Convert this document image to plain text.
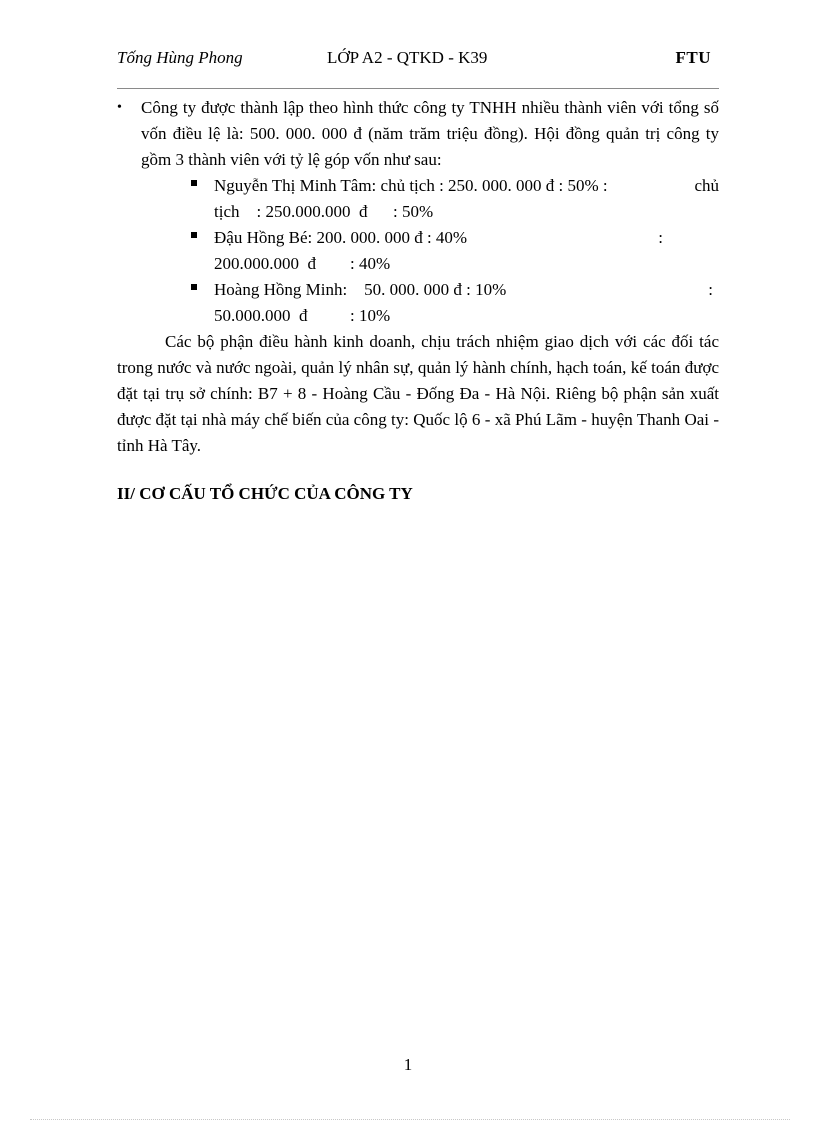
Tống Hùng Phong	LỚP A2 - QTKD - K39	FTU
• Công ty được thành lập theo hình thức công ty TNHH nhiều thành viên với tổng số vốn điều lệ là: 500. 000. 000 đ (năm trăm triệu đồng). Hội đồng quản trị công ty gồm 3 thành viên với tỷ lệ góp vốn như sau:
Nguyễn Thị Minh Tâm: chủ tịch : 250. 000. 000 đ : 50% :	chủ
tịch    : 250.000.000  đ      : 50%
Đậu Hồng Bé: 200. 000. 000 đ : 40%	:
200.000.000  đ        : 40%
Hoàng Hồng Minh:    50. 000. 000 đ : 10%	:
50.000.000  đ          : 10%
Các bộ phận điều hành kinh doanh, chịu trách nhiệm giao dịch với các đối tác trong nước và nước ngoài, quản lý nhân sự, quản lý hành chính, hạch toán, kế toán được đặt tại trụ sở chính: B7 + 8 - Hoàng Cầu - Đống Đa - Hà Nội. Riêng bộ phận sản xuất được đặt tại nhà máy chế biến của công ty: Quốc lộ 6 - xã Phú Lãm - huyện Thanh Oai - tỉnh Hà Tây.
II/ CƠ CẤU TỔ CHỨC CỦA CÔNG TY
1
